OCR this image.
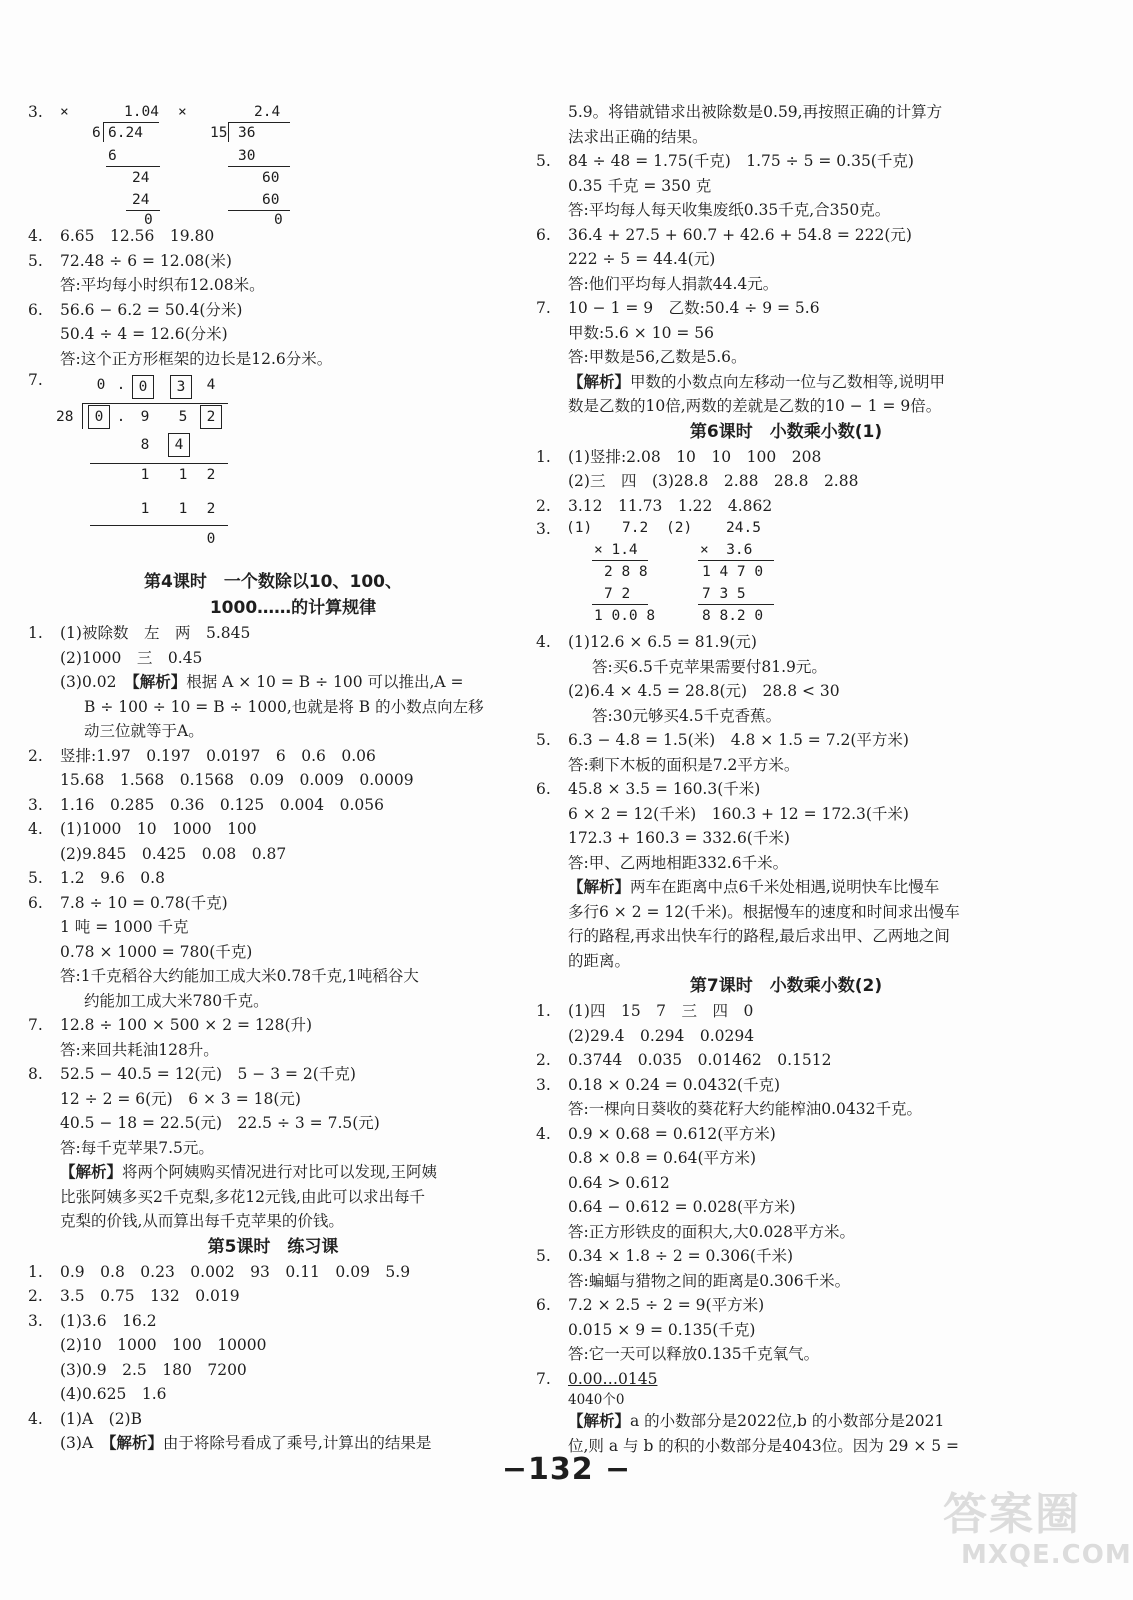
3. ×	1.04
6 6.24
6
24
24
0
×	2.4
15 36
30
60
60
0
4. 6.65　12.56　19.80
5. 72.48 ÷ 6 = 12.08(米)
答:平均每小时织布12.08米。
6. 56.6 − 6.2 = 50.4(分米)
50.4 ÷ 4 = 12.6(分米)
答:这个正方形框架的边长是12.6分米。
7.	0 . 0	3	4
28	0 .	9	5	2
8	4
1	1	2
1	1	2
0
第4课时　一个数除以10、100、
1000……的计算规律
1. (1)被除数　左　两　5.845
(2)1000　三　0.45
(3)0.02　【解析】根据 A × 10 = B ÷ 100 可以推出,A =
B ÷ 100 ÷ 10 = B ÷ 1000,也就是将 B 的小数点向左移
动三位就等于A。
2. 竖排:1.97　0.197　0.0197　6　0.6　0.06
15.68　1.568　0.1568　0.09　0.009　0.0009
3. 1.16　0.285　0.36　0.125　0.004　0.056
4. (1)1000　10　1000　100
(2)9.845　0.425　0.08　0.87
5. 1.2　9.6　0.8
6. 7.8 ÷ 10 = 0.78(千克)
1 吨 = 1000 千克
0.78 × 1000 = 780(千克)
答:1千克稻谷大约能加工成大米0.78千克,1吨稻谷大
约能加工成大米780千克。
7. 12.8 ÷ 100 × 500 × 2 = 128(升)
答:来回共耗油128升。
8. 52.5 − 40.5 = 12(元)　5 − 3 = 2(千克)
12 ÷ 2 = 6(元)　6 × 3 = 18(元)
40.5 − 18 = 22.5(元)　22.5 ÷ 3 = 7.5(元)
答:每千克苹果7.5元。
【解析】将两个阿姨购买情况进行对比可以发现,王阿姨
比张阿姨多买2千克梨,多花12元钱,由此可以求出每千
克梨的价钱,从而算出每千克苹果的价钱。
第5课时　练习课
1. 0.9　0.8　0.23　0.002　93　0.11　0.09　5.9
2. 3.5　0.75　132　0.019
3. (1)3.6　16.2
(2)10　1000　100　10000
(3)0.9　2.5　180　7200
(4)0.625　1.6
4. (1)A　(2)B
(3)A　【解析】由于将除号看成了乘号,计算出的结果是
5.9。将错就错求出被除数是0.59,再按照正确的计算方
法求出正确的结果。
5. 84 ÷ 48 = 1.75(千克)　1.75 ÷ 5 = 0.35(千克)
0.35 千克 = 350 克
答:平均每人每天收集废纸0.35千克,合350克。
6. 36.4 + 27.5 + 60.7 + 42.6 + 54.8 = 222(元)
222 ÷ 5 = 44.4(元)
答:他们平均每人捐款44.4元。
7. 10 − 1 = 9　乙数:50.4 ÷ 9 = 5.6
甲数:5.6 × 10 = 56
答:甲数是56,乙数是5.6。
【解析】甲数的小数点向左移动一位与乙数相等,说明甲
数是乙数的10倍,两数的差就是乙数的10 − 1 = 9倍。
第6课时　小数乘小数(1)
1. (1)竖排:2.08　10　10　100　208
(2)三　四　(3)28.8　2.88　28.8　2.88
2. 3.12　11.73　1.22　4.862
3. (1) 7.2
× 1.4
2 8 8
7 2
1 0.0 8
(2) 24.5
×  3.6
1 4 7 0
7 3 5
8 8.2 0
4. (1)12.6 × 6.5 = 81.9(元)
答:买6.5千克苹果需要付81.9元。
(2)6.4 × 4.5 = 28.8(元)　28.8 < 30
答:30元够买4.5千克香蕉。
5. 6.3 − 4.8 = 1.5(米)　4.8 × 1.5 = 7.2(平方米)
答:剩下木板的面积是7.2平方米。
6. 45.8 × 3.5 = 160.3(千米)
6 × 2 = 12(千米)　160.3 + 12 = 172.3(千米)
172.3 + 160.3 = 332.6(千米)
答:甲、乙两地相距332.6千米。
【解析】两车在距离中点6千米处相遇,说明快车比慢车
多行6 × 2 = 12(千米)。根据慢车的速度和时间求出慢车
行的路程,再求出快车行的路程,最后求出甲、乙两地之间
的距离。
第7课时　小数乘小数(2)
1. (1)四　15　7　三　四　0
(2)29.4　0.294　0.0294
2. 0.3744　0.035　0.01462　0.1512
3. 0.18 × 0.24 = 0.0432(千克)
答:一棵向日葵收的葵花籽大约能榨油0.0432千克。
4. 0.9 × 0.68 = 0.612(平方米)
0.8 × 0.8 = 0.64(平方米)
0.64 > 0.612
0.64 − 0.612 = 0.028(平方米)
答:正方形铁皮的面积大,大0.028平方米。
5. 0.34 × 1.8 ÷ 2 = 0.306(千米)
答:蝙蝠与猎物之间的距离是0.306千米。
6. 7.2 × 2.5 ÷ 2 = 9(平方米)
0.015 × 9 = 0.135(千克)
答:它一天可以释放0.135千克氧气。
7. 0.00…0145
4040个0
【解析】a 的小数部分是2022位,b 的小数部分是2021
位,则 a 与 b 的积的小数部分是4043位。因为 29 × 5 =
−132 −
答案圈
MXQE.COM
